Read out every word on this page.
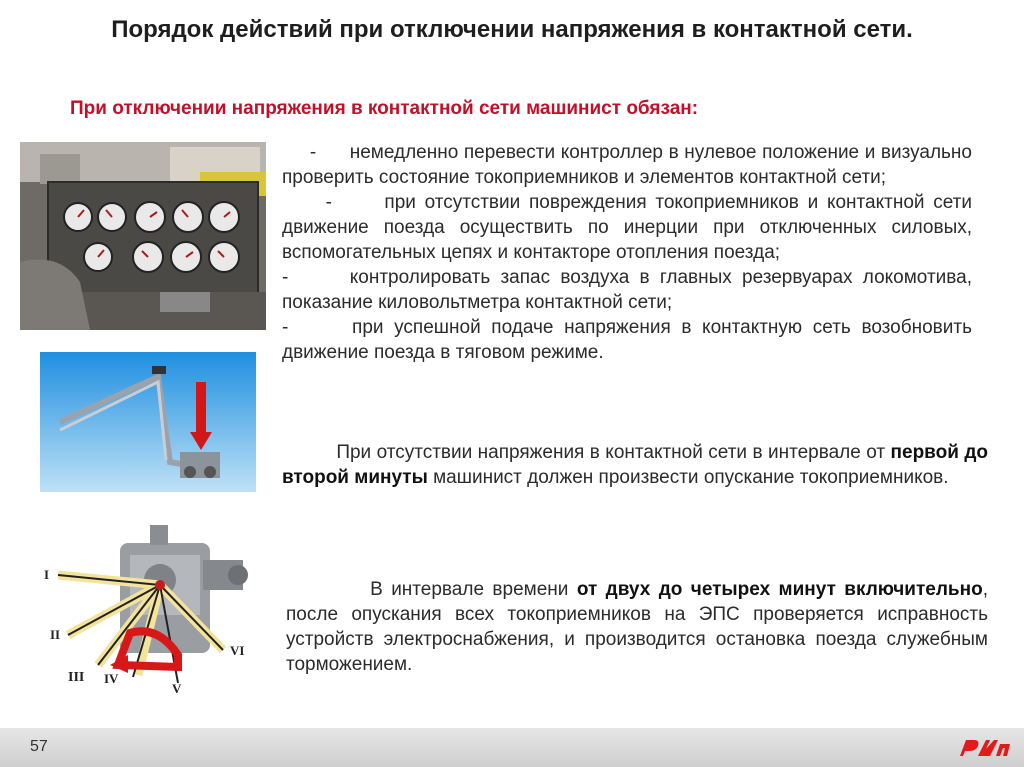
Порядок действий при отключении напряжения в контактной сети.
При отключении напряжения в контактной сети машинист обязан:
I
II
III IV
V
VI

- немедленно перевести контроллер в нулевое положение и визуально проверить состояние токоприемников и элементов контактной сети;

-	при отсутствии повреждения токоприемников и контактной сети движение поезда осуществить по инерции при отключенных силовых, вспомогательных цепях и контакторе отопления поезда;

-	контролировать запас воздуха в главных резервуарах локомотива, показание киловольтметра контактной сети;

-	при успешной подаче напряжения в контактную сеть возобновить движение поезда в тяговом режиме.

При отсутствии напряжения в контактной сети в интервале от первой до второй минуты машинист должен произвести опускание токоприемников.

В интервале времени от двух до четырех минут включительно, после опускания всех токоприемников на ЭПС проверяется исправность устройств электроснабжения, и производится остановка поезда служебным торможением.

57
